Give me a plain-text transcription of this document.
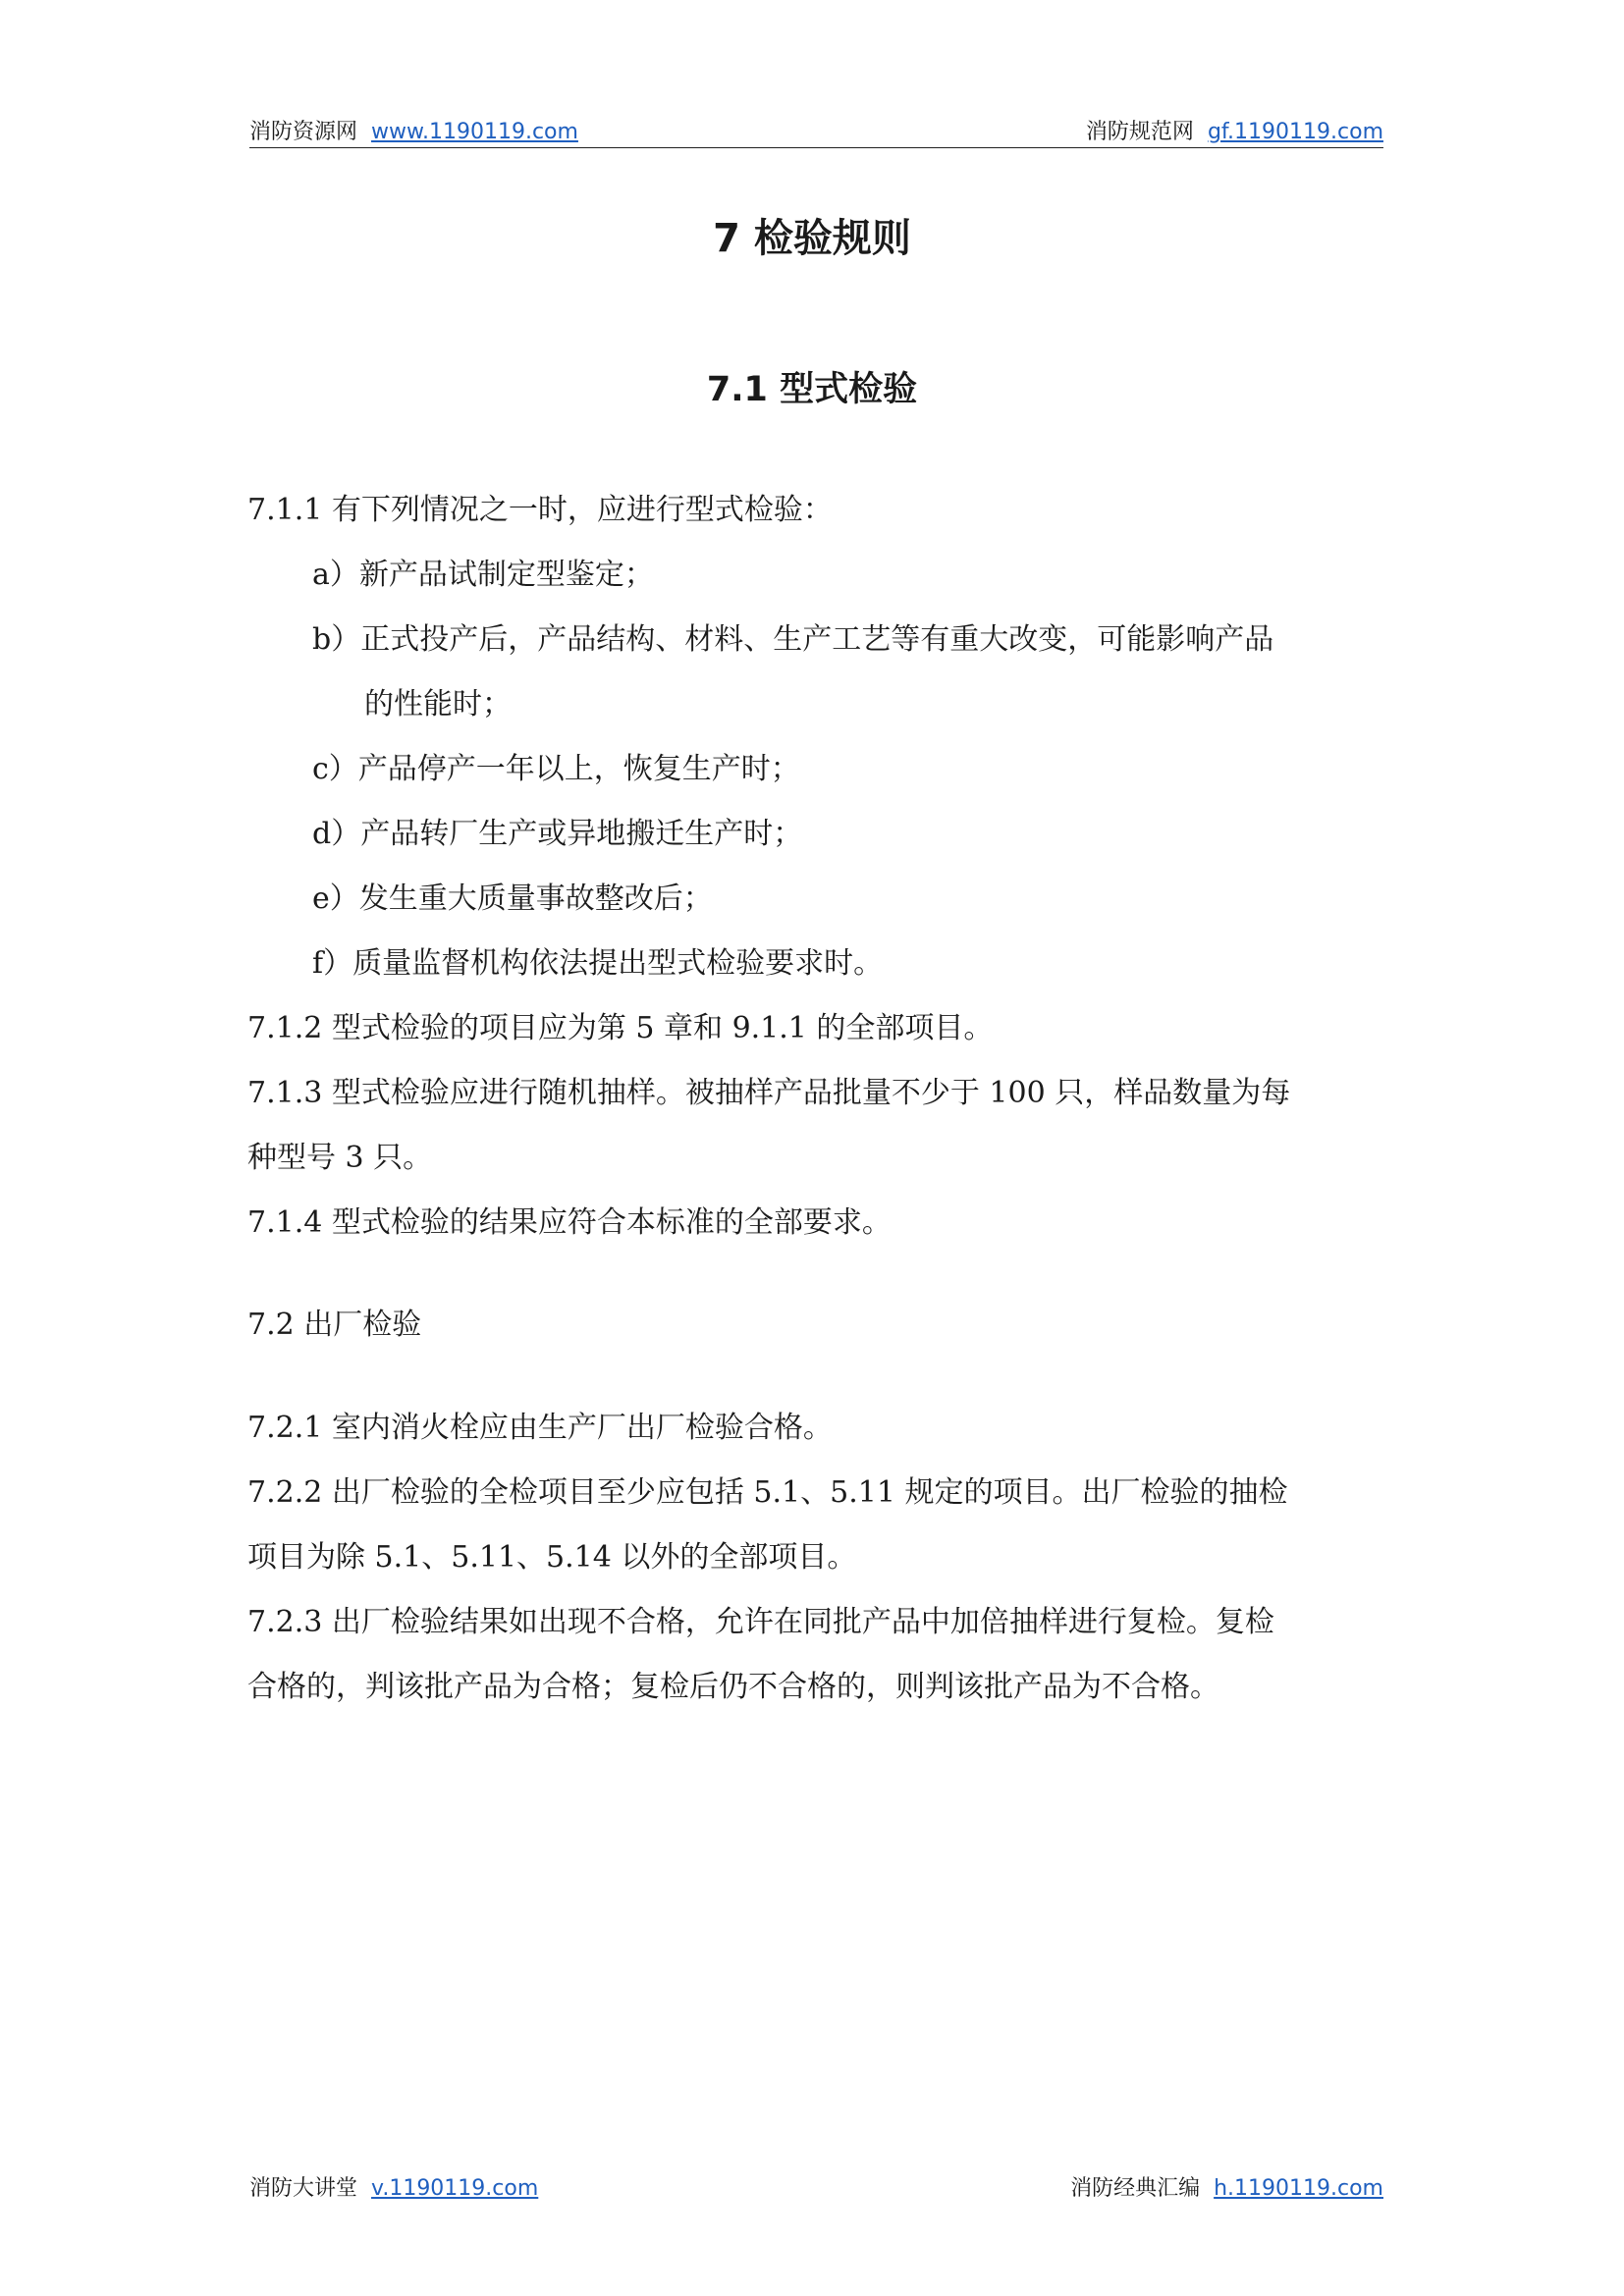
消防资源网 www.1190119.com	消防规范网 gf.1190119.com
7 检验规则
7.1 型式检验
7.1.1 有下列情况之一时，应进行型式检验：
a）新产品试制定型鉴定；
b）正式投产后，产品结构、材料、生产工艺等有重大改变，可能影响产品
的性能时；
c）产品停产一年以上，恢复生产时；
d）产品转厂生产或异地搬迁生产时；
e）发生重大质量事故整改后；
f）质量监督机构依法提出型式检验要求时。
7.1.2 型式检验的项目应为第 5 章和 9.1.1 的全部项目。
7.1.3 型式检验应进行随机抽样。被抽样产品批量不少于 100 只，样品数量为每
种型号 3 只。
7.1.4 型式检验的结果应符合本标准的全部要求。
7.2 出厂检验
7.2.1 室内消火栓应由生产厂出厂检验合格。
7.2.2 出厂检验的全检项目至少应包括 5.1、5.11 规定的项目。出厂检验的抽检
项目为除 5.1、5.11、5.14 以外的全部项目。
7.2.3 出厂检验结果如出现不合格，允许在同批产品中加倍抽样进行复检。复检
合格的，判该批产品为合格；复检后仍不合格的，则判该批产品为不合格。
消防大讲堂 v.1190119.com	消防经典汇编 h.1190119.com
